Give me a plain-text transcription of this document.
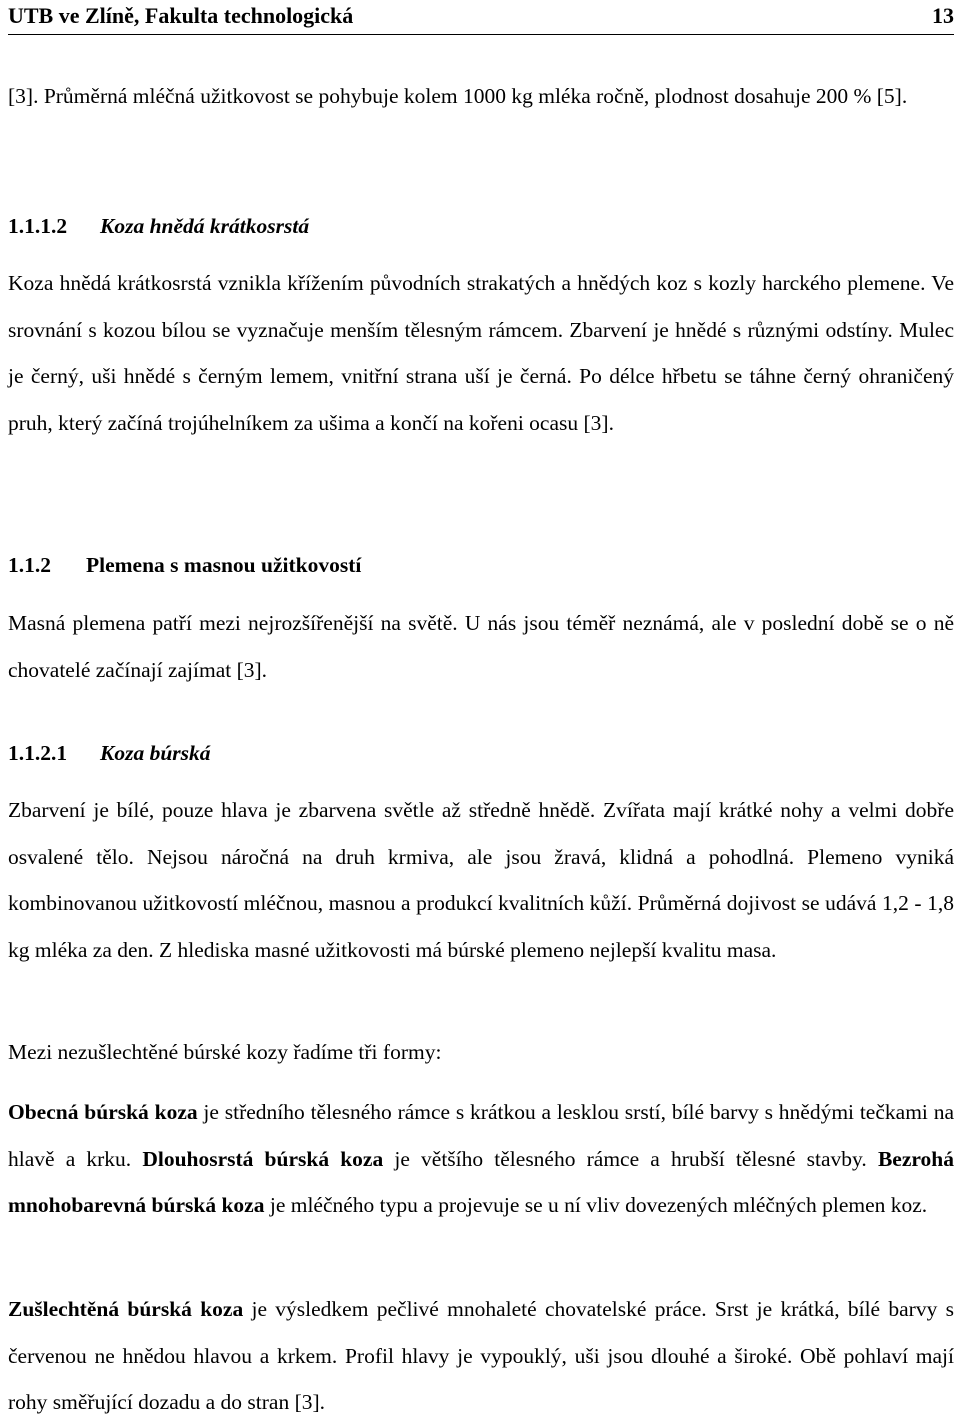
UTB ve Zlíně, Fakulta technologická	13

[3]. Průměrná mléčná užitkovost se pohybuje kolem 1000 kg mléka ročně, plodnost dosahuje 200 % [5].

1.1.1.2 Koza hnědá krátkosrstá

Koza hnědá krátkosrstá vznikla křížením původních strakatých a hnědých koz s kozly harckého plemene. Ve srovnání s kozou bílou se vyznačuje menším tělesným rámcem. Zbarvení je hnědé s různými odstíny. Mulec je černý, uši hnědé s černým lemem, vnitřní strana uší je černá. Po délce hřbetu se táhne černý ohraničený pruh, který začíná trojúhelníkem za ušima a končí na kořeni ocasu [3].

1.1.2 Plemena s masnou užitkovostí

Masná plemena patří mezi nejrozšířenější na světě. U nás jsou téměř neznámá, ale v poslední době se o ně chovatelé začínají zajímat [3].

1.1.2.1 Koza búrská

Zbarvení je bílé, pouze hlava je zbarvena světle až středně hnědě. Zvířata mají krátké nohy a velmi dobře osvalené tělo. Nejsou náročná na druh krmiva, ale jsou žravá, klidná a pohodlná. Plemeno vyniká kombinovanou užitkovostí mléčnou, masnou a produkcí kvalitních kůží. Průměrná dojivost se udává 1,2 - 1,8 kg mléka za den. Z hlediska masné užitkovosti má búrské plemeno nejlepší kvalitu masa.

Mezi nezušlechtěné búrské kozy řadíme tři formy:

Obecná búrská koza je středního tělesného rámce s krátkou a lesklou srstí, bílé barvy s hnědými tečkami na hlavě a krku. Dlouhosrstá búrská koza je většího tělesného rámce a hrubší tělesné stavby. Bezrohá mnohobarevná búrská koza je mléčného typu a projevuje se u ní vliv dovezených mléčných plemen koz.

Zušlechtěná búrská koza je výsledkem pečlivé mnohaleté chovatelské práce. Srst je krátká, bílé barvy s červenou ne hnědou hlavou a krkem. Profil hlavy je vypouklý, uši jsou dlouhé a široké. Obě pohlaví mají rohy směřující dozadu a do stran [3].
